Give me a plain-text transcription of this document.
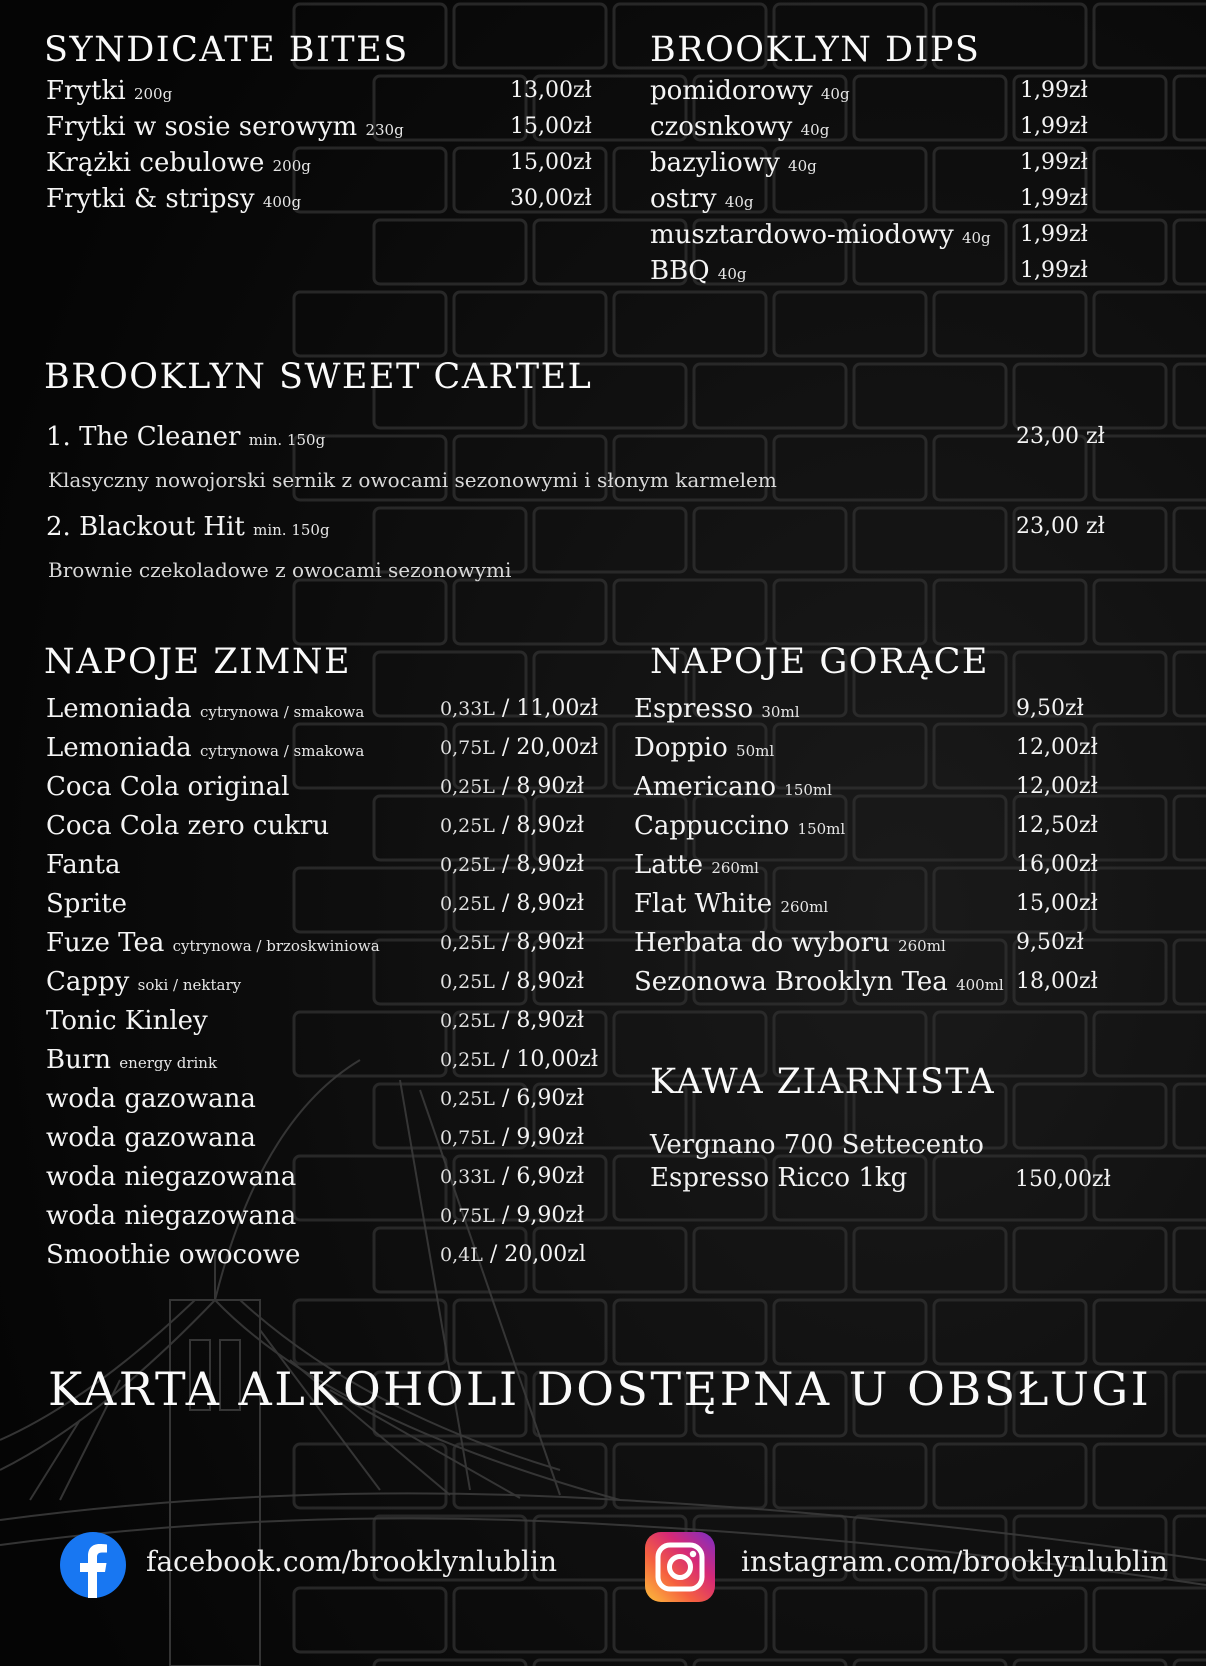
SYNDICATE BITES
Frytki 200g	13,00zł
Frytki w sosie serowym 230g	15,00zł
Krążki cebulowe 200g	15,00zł
Frytki & stripsy 400g	30,00zł
BROOKLYN DIPS
pomidorowy 40g	1,99zł
czosnkowy 40g	1,99zł
bazyliowy 40g	1,99zł
ostry 40g	1,99zł
musztardowo-miodowy 40g 1,99zł
BBQ 40g	1,99zł
BROOKLYN SWEET CARTEL
1. The Cleaner min. 150g	23,00 zł
Klasyczny nowojorski sernik z owocami sezonowymi i słonym karmelem
2. Blackout Hit min. 150g	23,00 zł
Brownie czekoladowe z owocami sezonowymi
NAPOJE ZIMNE
Lemoniada cytrynowa / smakowa	0,33L / 11,00zł
Lemoniada cytrynowa / smakowa	0,75L / 20,00zł
Coca Cola original	0,25L / 8,90zł
Coca Cola zero cukru	0,25L / 8,90zł
Fanta	0,25L / 8,90zł
Sprite	0,25L / 8,90zł
Fuze Tea cytrynowa / brzoskwiniowa	0,25L / 8,90zł
Cappy soki / nektary	0,25L / 8,90zł
Tonic Kinley	0,25L / 8,90zł
Burn energy drink	0,25L / 10,00zł
woda gazowana	0,25L / 6,90zł
woda gazowana	0,75L / 9,90zł
woda niegazowana	0,33L / 6,90zł
woda niegazowana	0,75L / 9,90zł
Smoothie owocowe	0,4L / 20,00zl
NAPOJE GORĄCE
Espresso 30ml	9,50zł
Doppio 50ml	12,00zł
Americano 150ml	12,00zł
Cappuccino 150ml	12,50zł
Latte 260ml	16,00zł
Flat White 260ml	15,00zł
Herbata do wyboru 260ml	9,50zł
Sezonowa Brooklyn Tea 400ml 18,00zł
KAWA ZIARNISTA
Vergnano 700 Settecento
Espresso Ricco 1kg	150,00zł
KARTA ALKOHOLI DOSTĘPNA U OBSŁUGI
facebook.com/brooklynlublin	instagram.com/brooklynlublin
